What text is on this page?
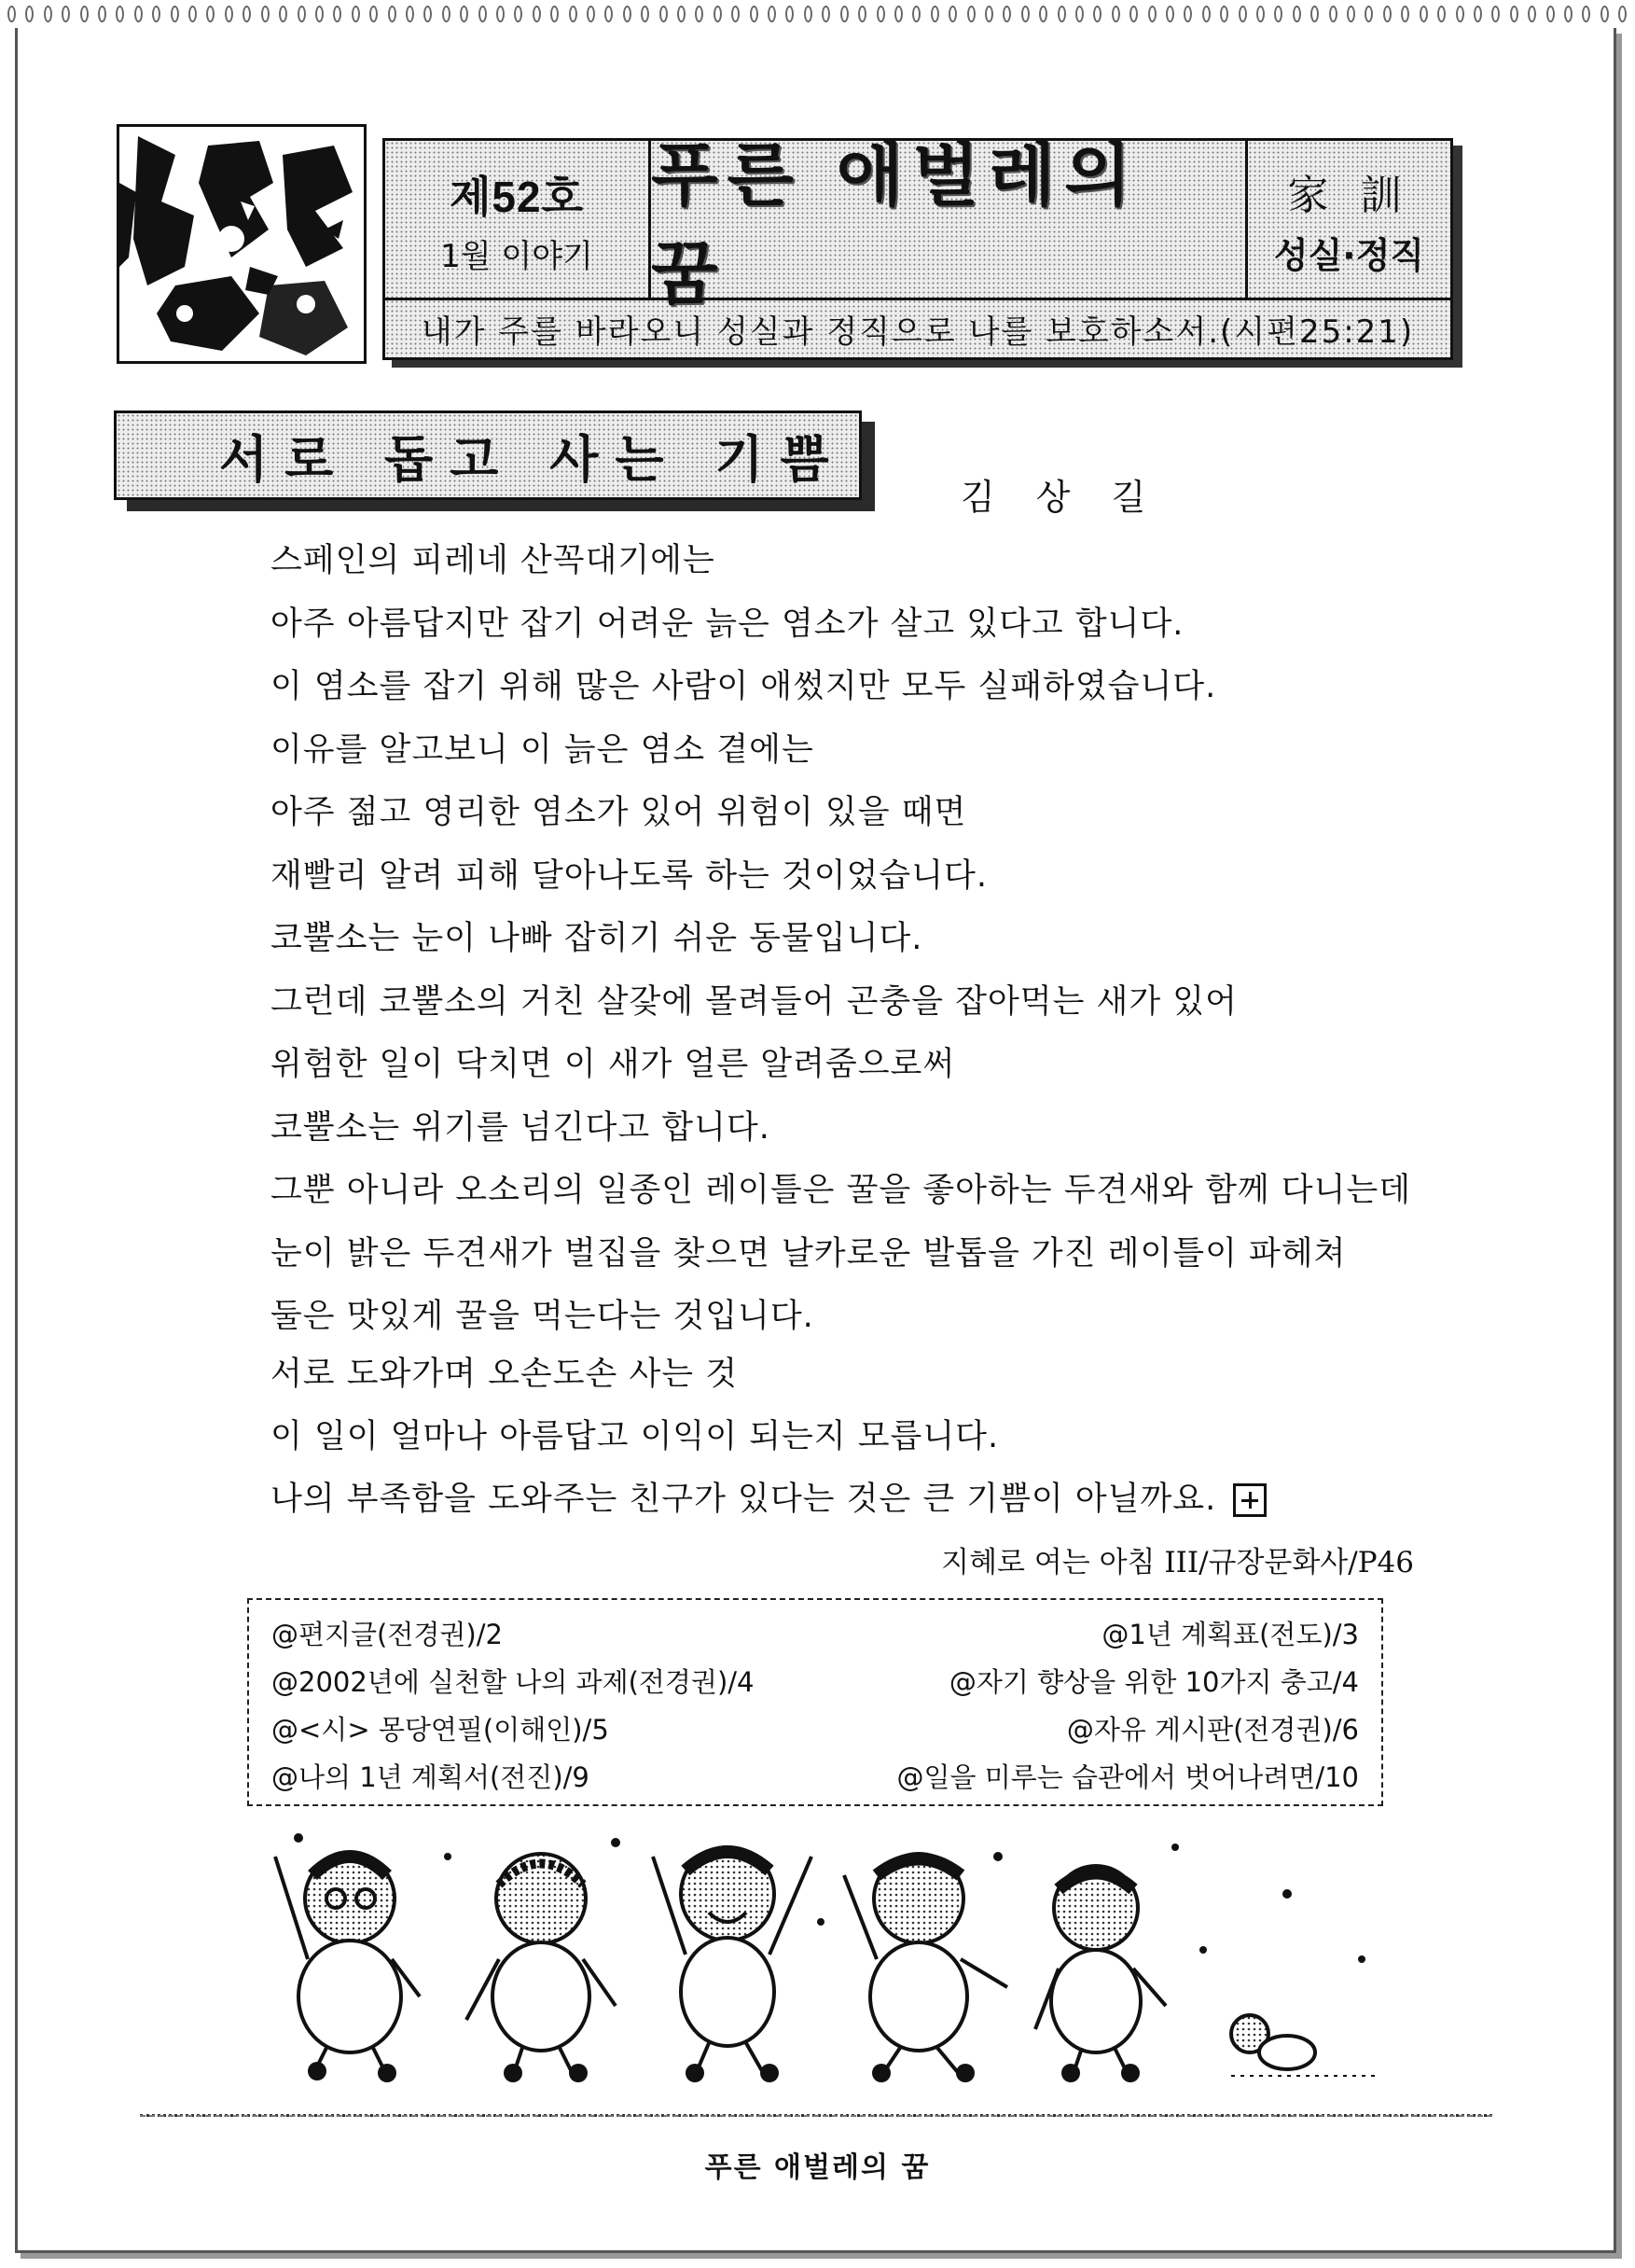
제52호
1월 이야기
푸른 애벌레의 꿈
家 訓
성실·정직
내가 주를 바라오니 성실과 정직으로 나를 보호하소서.(시편25:21)
서로 돕고 사는 기쁨
김 상 길
스페인의 피레네 산꼭대기에는
아주 아름답지만 잡기 어려운 늙은 염소가 살고 있다고 합니다.
이 염소를 잡기 위해 많은 사람이 애썼지만 모두 실패하였습니다.
이유를 알고보니 이 늙은 염소 곁에는
아주 젊고 영리한 염소가 있어 위험이 있을 때면
재빨리 알려 피해 달아나도록 하는 것이었습니다.
코뿔소는 눈이 나빠 잡히기 쉬운 동물입니다.
그런데 코뿔소의 거친 살갗에 몰려들어 곤충을 잡아먹는 새가 있어
위험한 일이 닥치면 이 새가 얼른 알려줌으로써
코뿔소는 위기를 넘긴다고 합니다.
그뿐 아니라 오소리의 일종인 레이틀은 꿀을 좋아하는 두견새와 함께 다니는데
눈이 밝은 두견새가 벌집을 찾으면 날카로운 발톱을 가진 레이틀이 파헤쳐
둘은 맛있게 꿀을 먹는다는 것입니다.
서로 도와가며 오손도손 사는 것
이 일이 얼마나 아름답고 이익이 되는지 모릅니다.
나의 부족함을 도와주는 친구가 있다는 것은 큰 기쁨이 아닐까요.
지혜로 여는 아침 III/규장문화사/P46
@편지글(전경권)/2	@1년 계획표(전도)/3
@2002년에 실천할 나의 과제(전경권)/4	@자기 향상을 위한 10가지 충고/4
@<시> 몽당연필(이해인)/5	@자유 게시판(전경권)/6
@나의 1년 계획서(전진)/9	@일을 미루는 습관에서 벗어나려면/10
푸른 애벌레의 꿈
